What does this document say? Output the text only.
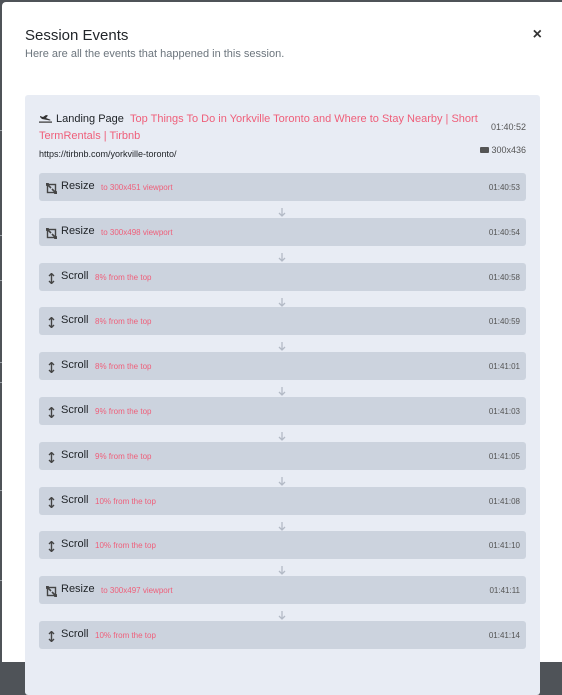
Session Events
Here are all the events that happened in this session.
×
Landing Page Top Things To Do in Yorkville Toronto and Where to Stay Nearby | Short TermRentals | Tirbnb
https://tirbnb.com/yorkville-toronto/
01:40:52
300x436
Resize to 300x451 viewport	01:40:53
Resize to 300x498 viewport	01:40:54
Scroll 8% from the top	01:40:58
Scroll 8% from the top	01:40:59
Scroll 8% from the top	01:41:01
Scroll 9% from the top	01:41:03
Scroll 9% from the top	01:41:05
Scroll 10% from the top	01:41:08
Scroll 10% from the top	01:41:10
Resize to 300x497 viewport	01:41:11
Scroll 10% from the top	01:41:14
